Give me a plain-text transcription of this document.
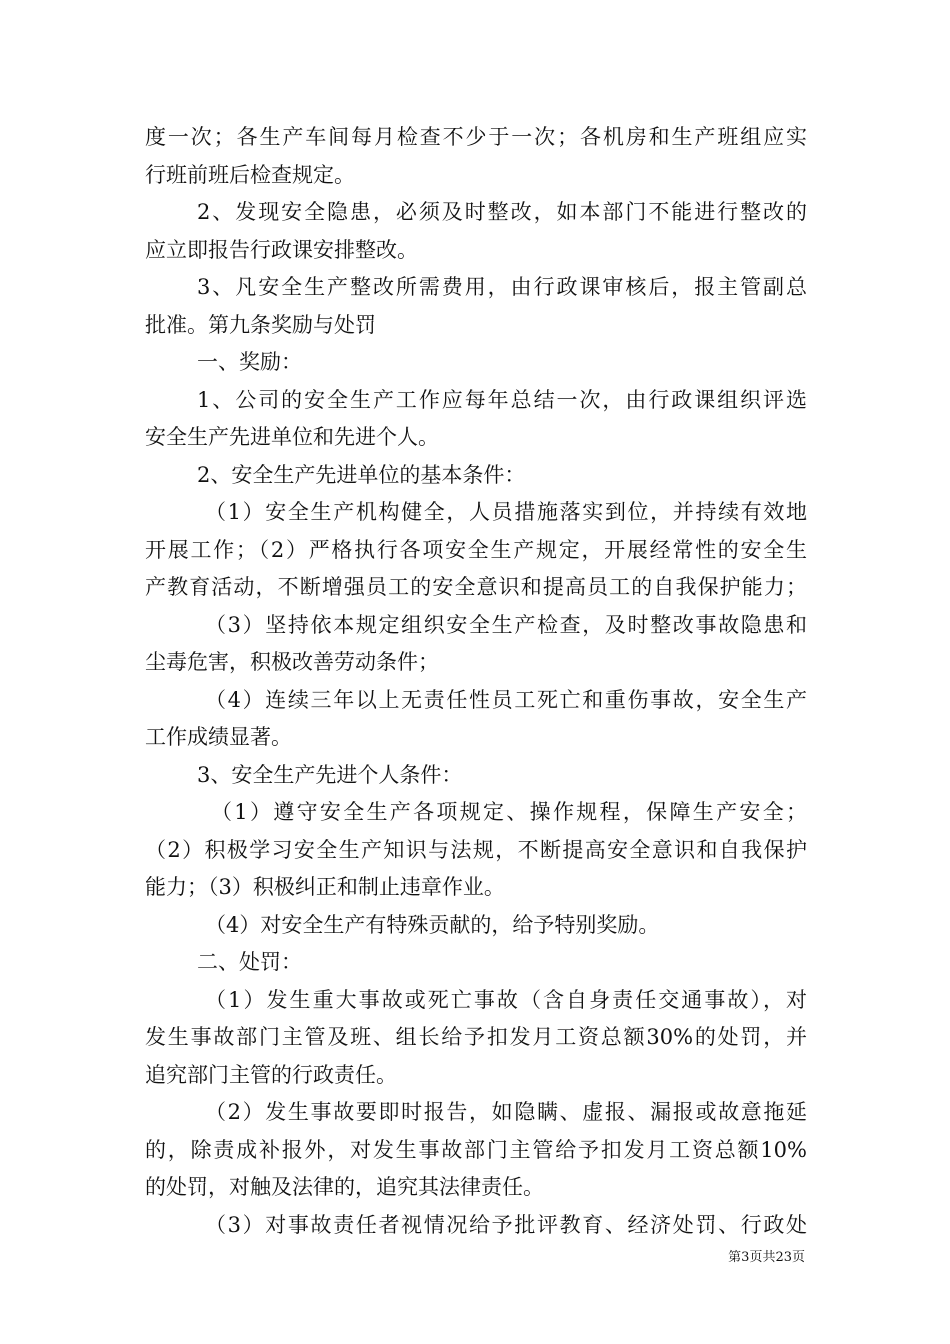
度一次；各生产车间每月检查不少于一次；各机房和生产班组应实
行班前班后检查规定。
2、发现安全隐患，必须及时整改，如本部门不能进行整改的
应立即报告行政课安排整改。
3、凡安全生产整改所需费用，由行政课审核后，报主管副总
批准。第九条奖励与处罚
一、奖励：
1、公司的安全生产工作应每年总结一次，由行政课组织评选
安全生产先进单位和先进个人。
2、安全生产先进单位的基本条件：
（1）安全生产机构健全，人员措施落实到位，并持续有效地
开展工作；（2）严格执行各项安全生产规定，开展经常性的安全生
产教育活动，不断增强员工的安全意识和提高员工的自我保护能力；
（3）坚持依本规定组织安全生产检查，及时整改事故隐患和
尘毒危害，积极改善劳动条件；
（4）连续三年以上无责任性员工死亡和重伤事故，安全生产
工作成绩显著。
3、安全生产先进个人条件：
（1）遵守安全生产各项规定、操作规程，保障生产安全；
（2）积极学习安全生产知识与法规，不断提高安全意识和自我保护
能力；（3）积极纠正和制止违章作业。
（4）对安全生产有特殊贡献的，给予特别奖励。
二、处罚：
（1）发生重大事故或死亡事故（含自身责任交通事故），对
发生事故部门主管及班、组长给予扣发月工资总额30%的处罚，并
追究部门主管的行政责任。
（2）发生事故要即时报告，如隐瞒、虚报、漏报或故意拖延
的，除责成补报外，对发生事故部门主管给予扣发月工资总额10%
的处罚，对触及法律的，追究其法律责任。
（3）对事故责任者视情况给予批评教育、经济处罚、行政处
第3页共23页
